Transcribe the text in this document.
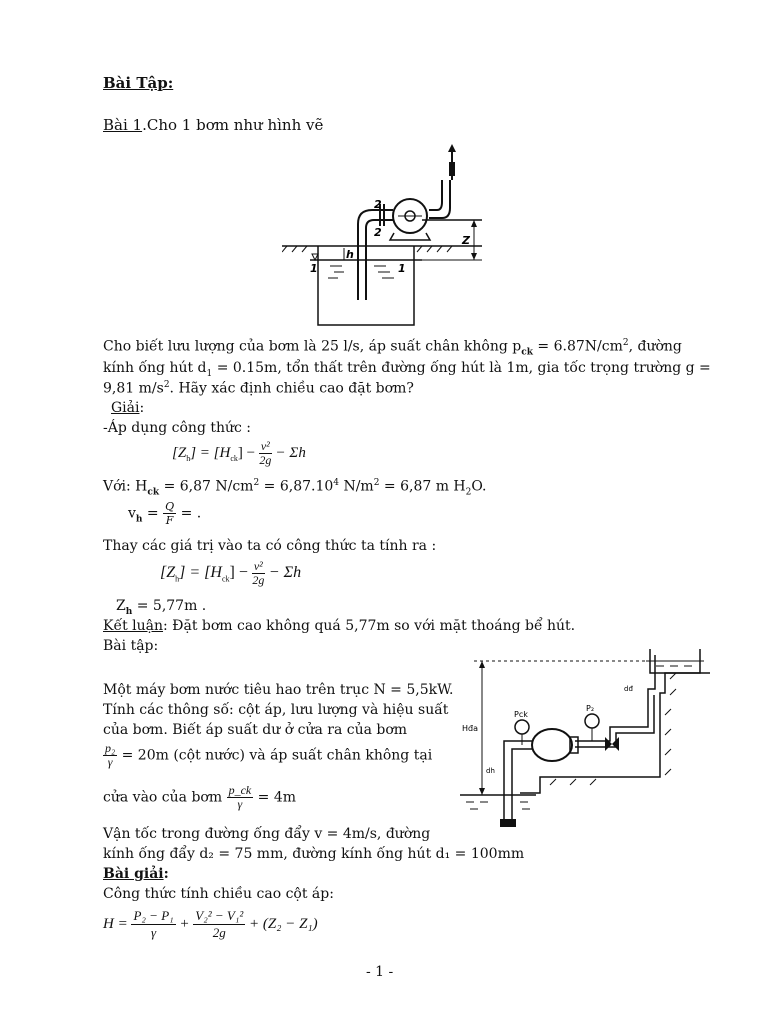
Bài Tập:
Bài 1.Cho 1 bơm như hình vẽ
2
2
1	1
h
Z
Cho biết lưu lượng của bơm là 25 l/s, áp suất chân không $p_{ck} = 6.87N/cm^2$, đường
kính ống hút $d_1 = 0.15m$, tổn thất trên đường ống hút là 1m, gia tốc trọng trường g =
9,81 $m/s^2$. Hãy xác định chiều cao đặt bơm?
Giải:
-Áp dụng công thức :
$[Z_h] = [H_{ck}] - \frac{\text{v²}}{2g} - \Sigma h$
Với: $H_{ck} = 6,87$ $N/cm^2 = 6,87.10^4$ $N/m^2 = 6,87$ m $H_2O$.
$v_h = \frac{Q}{F}$ = .
Thay các giá trị vào ta có công thức ta tính ra :
$[Z_h] = [H_{ck}] - \frac{\text{v²}}{2g} - \Sigma h$
$Z_h = 5,77m$ .
Kết luận: Đặt bơm cao không quá 5,77m so với mặt thoáng bể hút.
Bài tập:
Một máy bơm nước tiêu hao trên trục N = 5,5kW.
Tính các thông số: cột áp, lưu lượng và hiệu suất
của bơm. Biết áp suất dư ở cửa ra của bơm
$\frac{\text{p₂}}{\gamma} = 20m$ (cột nước) và áp suất chân không tại
cửa vào của bơm $\frac{p\_ck}{\gamma} = 4m$
Vận tốc trong đường ống đẩy v = 4m/s, đường
kính ống đẩy d₂ = 75 mm, đường kính ống hút d₁ = 100mm
Bài giải:
Công thức tính chiều cao cột áp:
$H = \frac{\text{P₂ − P₁}}{\gamma} + \frac{\text{V₂² − V₁²}}{2g} + (Z_2 - Z_1)$
Hđa
Pck
P₂
dh
dđ
- 1 -
